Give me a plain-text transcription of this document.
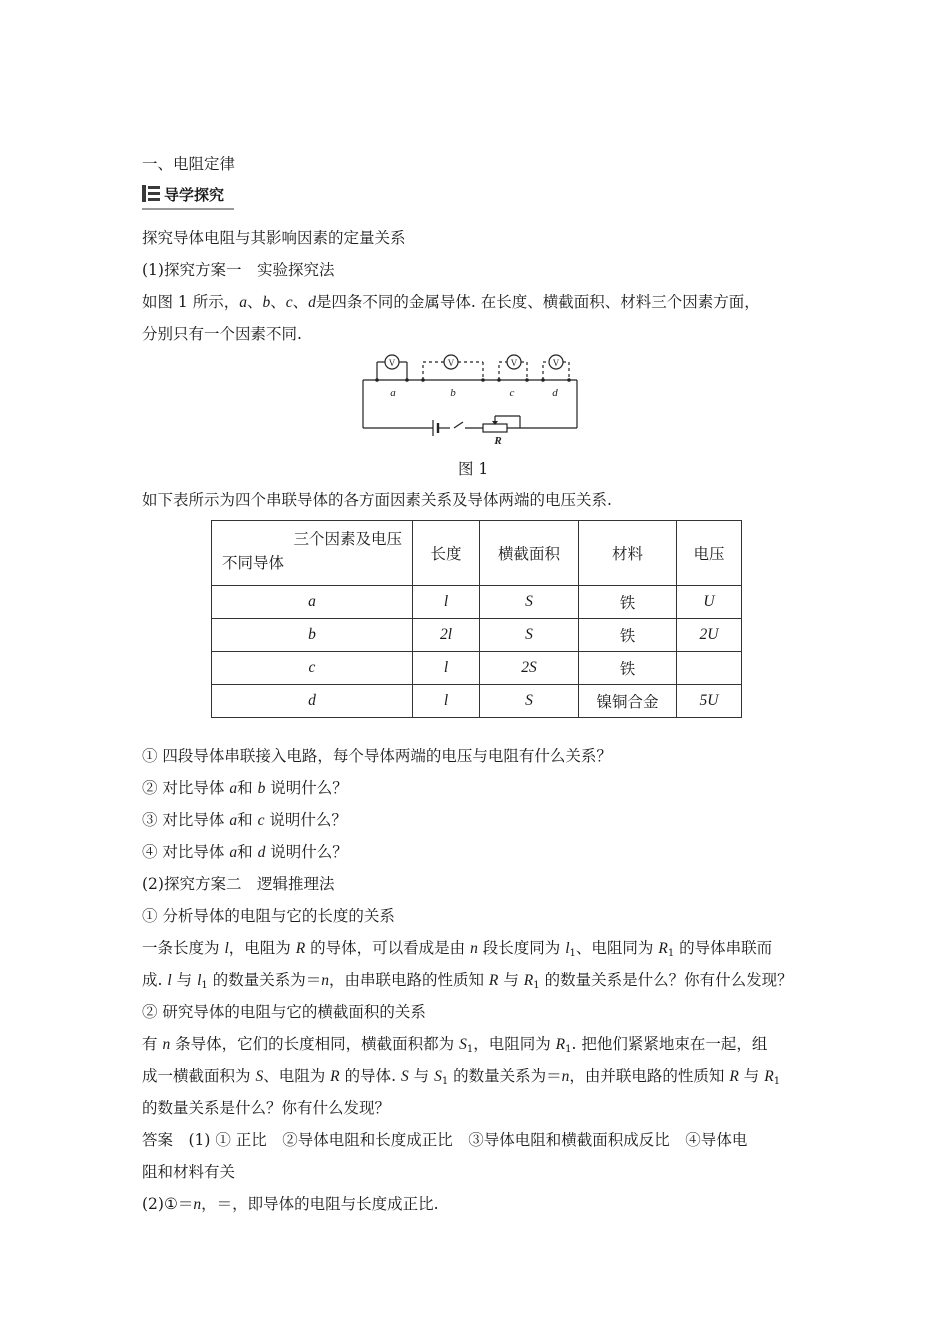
一、电阻定律
导学探究
探究导体电阻与其影响因素的定量关系
(1)探究方案一　实验探究法
如图 1 所示，a、b、c、d是四条不同的金属导体. 在长度、横截面积、材料三个因素方面，
分别只有一个因素不同.
V	V	V	V
a	b	c	d
R
图 1
如下表所示为四个串联导体的各方面因素关系及导体两端的电压关系.
三个因素及电压
不同导体	长度	横截面积	材料	电压
a	l	S	铁	U
b	2l	S	铁	2U
c	l	2S	铁	
d	l	S	镍铜合金	5U
① 四段导体串联接入电路，每个导体两端的电压与电阻有什么关系？
② 对比导体 a和 b 说明什么？
③ 对比导体 a和 c 说明什么？
④ 对比导体 a和 d 说明什么？
(2)探究方案二　逻辑推理法
① 分析导体的电阻与它的长度的关系
一条长度为 l，电阻为 R 的导体，可以看成是由 n 段长度同为 $l_1$、电阻同为 $R_1$ 的导体串联而
成. l 与 $l_1$ 的数量关系为＝n，由串联电路的性质知 R 与 $R_1$ 的数量关系是什么？你有什么发现？
② 研究导体的电阻与它的横截面积的关系
有 n 条导体，它们的长度相同，横截面积都为 $S_1$，电阻同为 $R_1$. 把他们紧紧地束在一起，组
成一横截面积为 S、电阻为 R 的导体. S 与 $S_1$ 的数量关系为＝n，由并联电路的性质知 R 与 $R_1$
的数量关系是什么？你有什么发现？
答案　(1) ① 正比　②导体电阻和长度成正比　③导体电阻和横截面积成反比　④导体电
阻和材料有关
(2)①＝n，＝，即导体的电阻与长度成正比.
